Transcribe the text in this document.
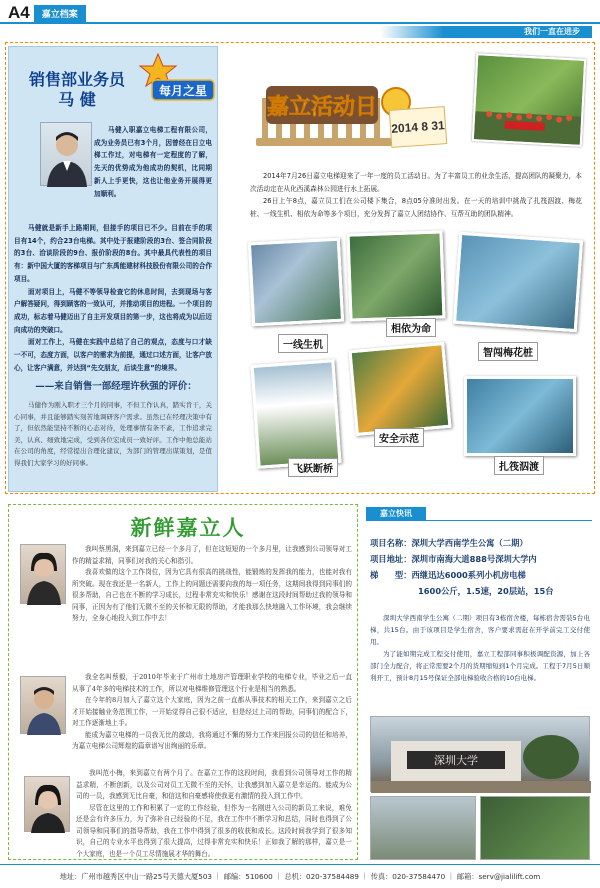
A4	嘉立档案
我们一直在进步
销售部业务员
马 健	每月之星

马健入职嘉立电梯工程有限公司，成为业务员已有3个月，因曾经在日立电梯工作过，对电梯有一定程度的了解，先天的优势成为他成功的契机，比同期新人上手更快，这也让他业务开展得更加顺利。

马健就是新手上路期间，但接手的项目已不少。目前在手的项目有14个，约合23台电梯。其中处于报建阶段的3台、签合同阶段的3台、洽谈阶段的9台、报价阶段的8台。其中最具代表性的项目有：新中国大厦的客梯项目与广东禹能建材科技股份有限公司的合作项目。

面对项目上，马健不等领导检查它的休息时间，去到现场与客户解答疑问，得到顾客的一致认可，并推动项目的进程。一个项目的成功，标志着马健迈出了自主开发项目的第一步，这也将成为以后迈向成功的突破口。

面对工作上，马健在实践中总结了自己的观点，态度与口才缺一不可，态度方面，以客户的需求为前提，通过口述方面，让客户放心，让客户满意，并达到“先交朋友，后谈生意”的境界。

——来自销售一部经理许秋强的评价：
马健作为刚入职才三个月的同事，不但工作认真，踏实肯干，关心同事，并且能够踏实刻苦地调研客户需求。虽然已在经理决策中有了，但依然能坚持不断的心态对待，处理事情有条不紊，工作追求完美，认真、细致地完成，受到各位宏成员一致好评。工作中他总能站在公司的角度，经常提出合理化建议，为部门的管理出谋策划，是值得我们大家学习的好同事。
嘉立活动日
2014 8 31

2014年7月26日嘉立电梯迎来了一年一度的员工活动日。为了丰富员工的业余生活，提高团队的凝聚力，本次活动定在从化西溪森林公园进行水上拓展。

26日上午8点，嘉立员工们在公司楼下集合，8点05分准时出发。在一天的培训中挑战了扎筏泅渡、梅花桩、一线生机、相依为命等多个项目，充分发挥了嘉立人团结协作、互帮互助的团队精神。

一线生机
相依为命
智闯梅花桩
安全示范
飞跃断桥	扎筏泅渡
新鲜嘉立人

我叫蔡黑洞，来到嘉立已经一个多月了，但在这短短的一个多月里，让我感到公司领导对工作的精益求精，同事们对我的关心和指引。

我喜欢做的这个工作岗位，因为它具有很高的挑战性，能锻炼的发挥我的能力，也能对我有所突破。现在我还是一名新人，工作上的问题还需要向我的每一项任务，这期间我得到同事们的很多帮助，自己也在不断的学习成长，过程非常充实和快乐！感谢在这段时间帮助过我的领导和同事，正因为有了他们无微不至的关怀和无限的帮助，才能我那么快地融入工作环境，我会继续努力，全身心地投入到工作中去！

我全名叫蔡毅，于2010年毕业于广州市土地房产管理职业学校的电梯专业，毕业之后一直从事了4年多的电梯技术的工作，所以对电梯维修管理这个行业是相当的熟悉。

在今年的8月加入了嘉立这个大家庭，因为之前一直都从事技术的相关工作，来到嘉立之后才开始接触业务范围工作，一开始觉得自己很不适应，但是经过上司的帮助，同事们的配合下，对工作逐渐地上手。

能成为嘉立电梯的一员我无比的激动，我将通过不懈的努力工作来回报公司的信任和培养，为嘉立电梯公司辉煌的篇章谱写出绚丽的乐章。

我叫范小梅，来到嘉立有两个月了。在嘉立工作的这段时间，我看到公司领导对工作的精益求精，不断创新，以及公司对员工无微不至的关怀，让我感到加入嘉立是幸运的。能成为公司的一员，我感到无比自豪，和信这和自豪感将使我更有激情的投入到工作中。

尽管在这里的工作和积累了一定的工作经验，但作为一名刚进入公司的新员工来说，难免还是会有许多压力，为了弥补自己经验的不足，我在工作中不断学习和总结，同时也得到了公司领导和同事们的指导帮助，我在工作中得到了很多的收获和成长。这段时间我学到了很多知识，自己的专业水平也得到了很大提高，过得非常充实和快乐！正如我了解的那样，嘉立是一个大家庭，也是一个员工尽情施展才华的舞台。

嘉立快讯
项目名称：深圳大学西南学生公寓（二期）
项目地址：深圳市南海大道888号深圳大学内
梯　　型：西继迅达6000系列小机房电梯
1600公斤，1.5速，20层站，15台

深圳大学西南学生公寓（二期）项目有3栋宿舍楼，每栋宿舍需装5台电梯，共15台。由于该项目是学生宿舍，客户要求需赶在开学前完工交付使用。

为了能如期完成工程交付使用，嘉立工程部同事积极调配资源，加上各部门全力配合，将正常需要2个月的货期缩短到1个月完成。工程于7月5日顺利开工，预计8月15号保证全部电梯验收合格的10台电梯。

深圳大学
地址：广州市越秀区中山一路25号天德大厦503 ｜ 邮编：510600 ｜ 总机：020-37584489 ｜ 传真：020-37584470 ｜ 邮箱：serv@jialilift.com
